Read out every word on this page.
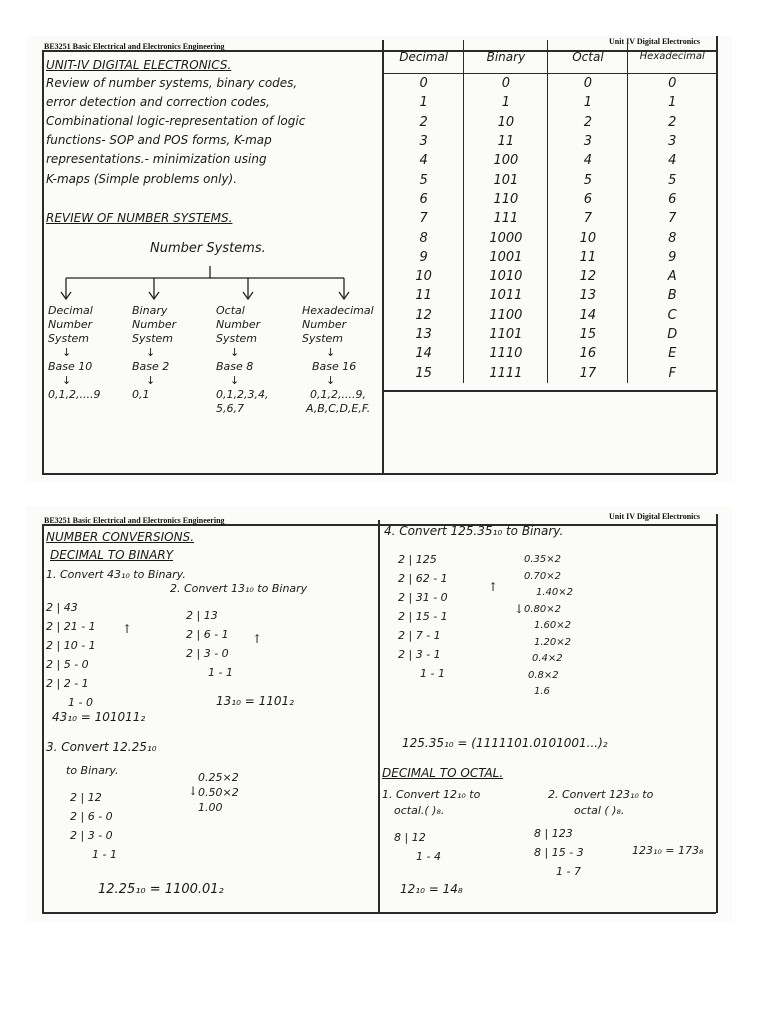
BE3251 Basic Electrical and Electronics Engineering
Unit IV Digital Electronics
UNIT-IV DIGITAL ELECTRONICS.
Review of number systems, binary codes,
error detection and correction codes,
Combinational logic-representation of logic
functions- SOP and POS forms, K-map
representations.- minimization using
K-maps (Simple problems only).
REVIEW OF NUMBER SYSTEMS.
Number Systems.
Decimal
Number
System
↓
Base 10
↓
0,1,2,....9
Binary
Number
System
↓
Base 2
↓
0,1
Octal
Number
System
↓
Base 8
↓
0,1,2,3,4,
5,6,7
Hexadecimal
Number
System
↓
Base 16
↓
0,1,2,....9,
A,B,C,D,E,F.
Decimal	Binary	Octal	Hexadecimal
0	0	0	0
1	1	1	1
2	10	2	2
3	11	3	3
4	100	4	4
5	101	5	5
6	110	6	6
7	111	7	7
8	1000	10	8
9	1001	11	9
10	1010	12	A
11	1011	13	B
12	1100	14	C
13	1101	15	D
14	1110	16	E
15	1111	17	F
BE3251 Basic Electrical and Electronics Engineering	Unit IV Digital Electronics
NUMBER CONVERSIONS.
DECIMAL TO BINARY
1. Convert 43₁₀ to Binary.
2. Convert 13₁₀ to Binary
2 | 43
2 | 21 - 1
2 | 10 - 1
2 | 5 - 0
2 | 2 - 1
1 - 0
↑
43₁₀ = 101011₂
2 | 13
2 | 6 - 1
2 | 3 - 0
1 - 1
↑
13₁₀ = 1101₂
3. Convert 12.25₁₀
to Binary.
2 | 12
2 | 6 - 0
2 | 3 - 0
1 - 1
0.25×2
0.50×2
1.00
↓
12.25₁₀ = 1100.01₂
4. Convert 125.35₁₀ to Binary.
2 | 125
2 | 62 - 1
2 | 31 - 0
2 | 15 - 1
2 | 7 - 1
2 | 3 - 1
1 - 1
↑
0.35×2
0.70×2
1.40×2
0.80×2
1.60×2
1.20×2
0.4×2
0.8×2
1.6
↓
125.35₁₀ = (1111101.0101001...)₂
DECIMAL TO OCTAL.
1. Convert 12₁₀ to
octal.( )₈.
8 | 12
1 - 4
12₁₀ = 14₈
2. Convert 123₁₀ to
octal ( )₈.
8 | 123
8 | 15 - 3
1 - 7
123₁₀ = 173₈
